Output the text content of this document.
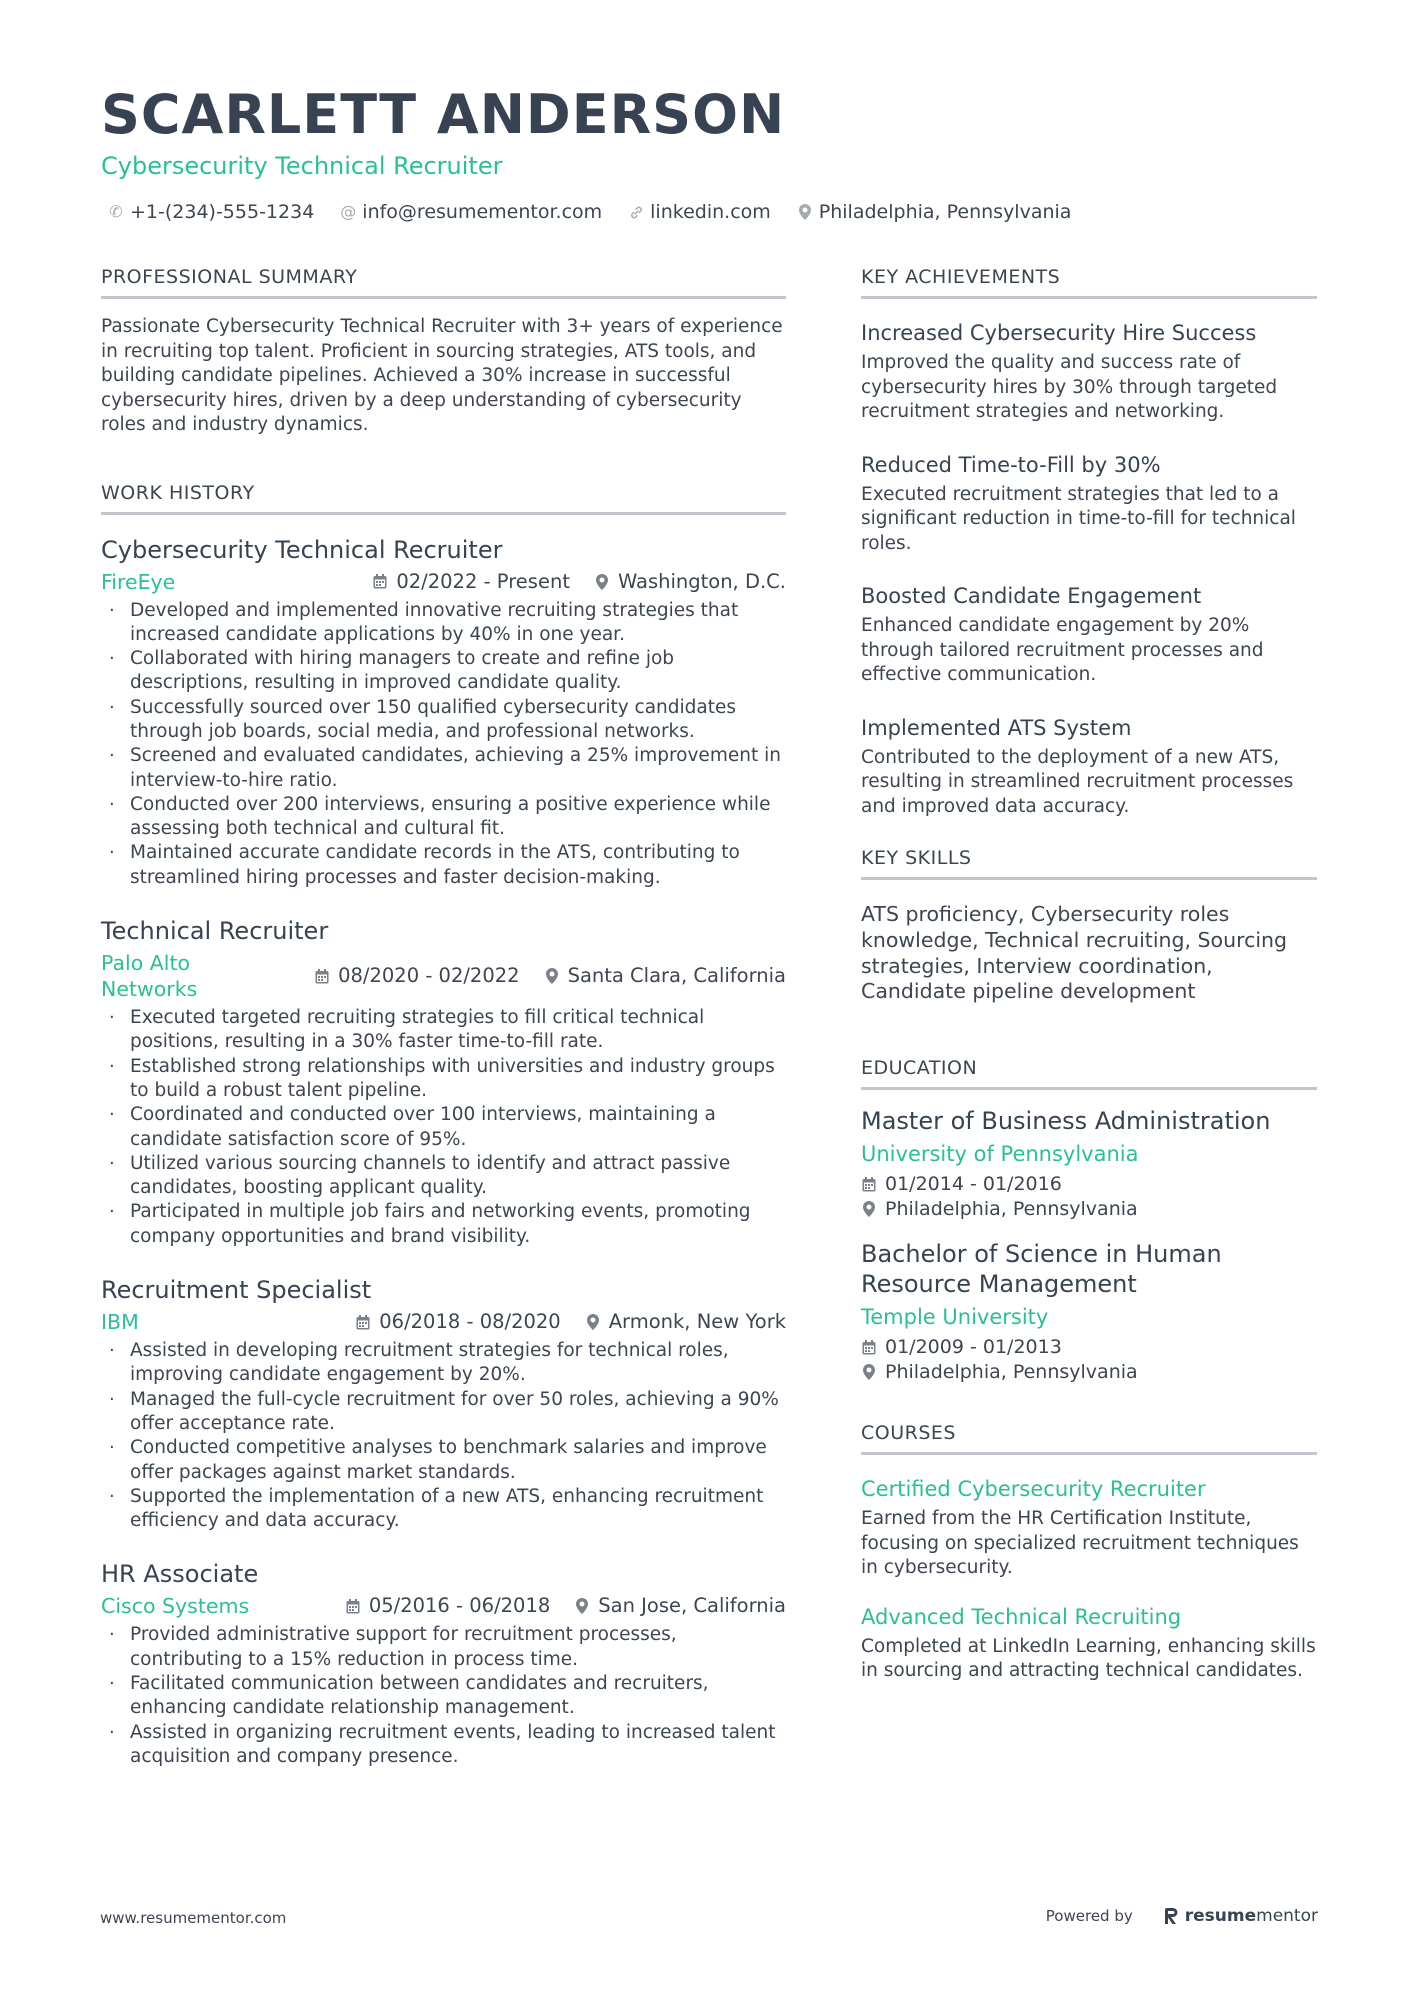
SCARLETT ANDERSON
Cybersecurity Technical Recruiter
✆ +1-(234)-555-1234 @ info@resumementor.com	linkedin.com	Philadelphia, Pennsylvania
PROFESSIONAL SUMMARY
Passionate Cybersecurity Technical Recruiter with 3+ years of experience in recruiting top talent. Proficient in sourcing strategies, ATS tools, and building candidate pipelines. Achieved a 30% increase in successful cybersecurity hires, driven by a deep understanding of cybersecurity roles and industry dynamics.
WORK HISTORY
Cybersecurity Technical Recruiter
FireEye	02/2022 - Present Washington, D.C.
· Developed and implemented innovative recruiting strategies that increased candidate applications by 40% in one year.
· Collaborated with hiring managers to create and refine job descriptions, resulting in improved candidate quality.
· Successfully sourced over 150 qualified cybersecurity candidates through job boards, social media, and professional networks.
· Screened and evaluated candidates, achieving a 25% improvement in interview-to-hire ratio.
· Conducted over 200 interviews, ensuring a positive experience while assessing both technical and cultural fit.
· Maintained accurate candidate records in the ATS, contributing to streamlined hiring processes and faster decision-making.
Technical Recruiter
Palo Alto Networks
08/2020 - 02/2022 Santa Clara, California
· Executed targeted recruiting strategies to fill critical technical positions, resulting in a 30% faster time-to-fill rate.
· Established strong relationships with universities and industry groups to build a robust talent pipeline.
· Coordinated and conducted over 100 interviews, maintaining a candidate satisfaction score of 95%.
· Utilized various sourcing channels to identify and attract passive candidates, boosting applicant quality.
· Participated in multiple job fairs and networking events, promoting company opportunities and brand visibility.
Recruitment Specialist
IBM	06/2018 - 08/2020 Armonk, New York
· Assisted in developing recruitment strategies for technical roles, improving candidate engagement by 20%.
· Managed the full-cycle recruitment for over 50 roles, achieving a 90% offer acceptance rate.
· Conducted competitive analyses to benchmark salaries and improve offer packages against market standards.
· Supported the implementation of a new ATS, enhancing recruitment efficiency and data accuracy.
HR Associate
Cisco Systems	05/2016 - 06/2018 San Jose, California
· Provided administrative support for recruitment processes, contributing to a 15% reduction in process time.
· Facilitated communication between candidates and recruiters, enhancing candidate relationship management.
· Assisted in organizing recruitment events, leading to increased talent acquisition and company presence.
KEY ACHIEVEMENTS
Increased Cybersecurity Hire Success
Improved the quality and success rate of cybersecurity hires by 30% through targeted recruitment strategies and networking.
Reduced Time-to-Fill by 30%
Executed recruitment strategies that led to a significant reduction in time-to-fill for technical roles.
Boosted Candidate Engagement
Enhanced candidate engagement by 20% through tailored recruitment processes and effective communication.
Implemented ATS System
Contributed to the deployment of a new ATS, resulting in streamlined recruitment processes and improved data accuracy.
KEY SKILLS
ATS proficiency, Cybersecurity roles knowledge, Technical recruiting, Sourcing strategies, Interview coordination, Candidate pipeline development
EDUCATION
Master of Business Administration
University of Pennsylvania
01/2014 - 01/2016
Philadelphia, Pennsylvania
Bachelor of Science in Human Resource Management
Temple University
01/2009 - 01/2013
Philadelphia, Pennsylvania
COURSES
Certified Cybersecurity Recruiter
Earned from the HR Certification Institute, focusing on specialized recruitment techniques in cybersecurity.
Advanced Technical Recruiting
Completed at LinkedIn Learning, enhancing skills in sourcing and attracting technical candidates.
www.resumementor.com	Powered by	resume mentor
